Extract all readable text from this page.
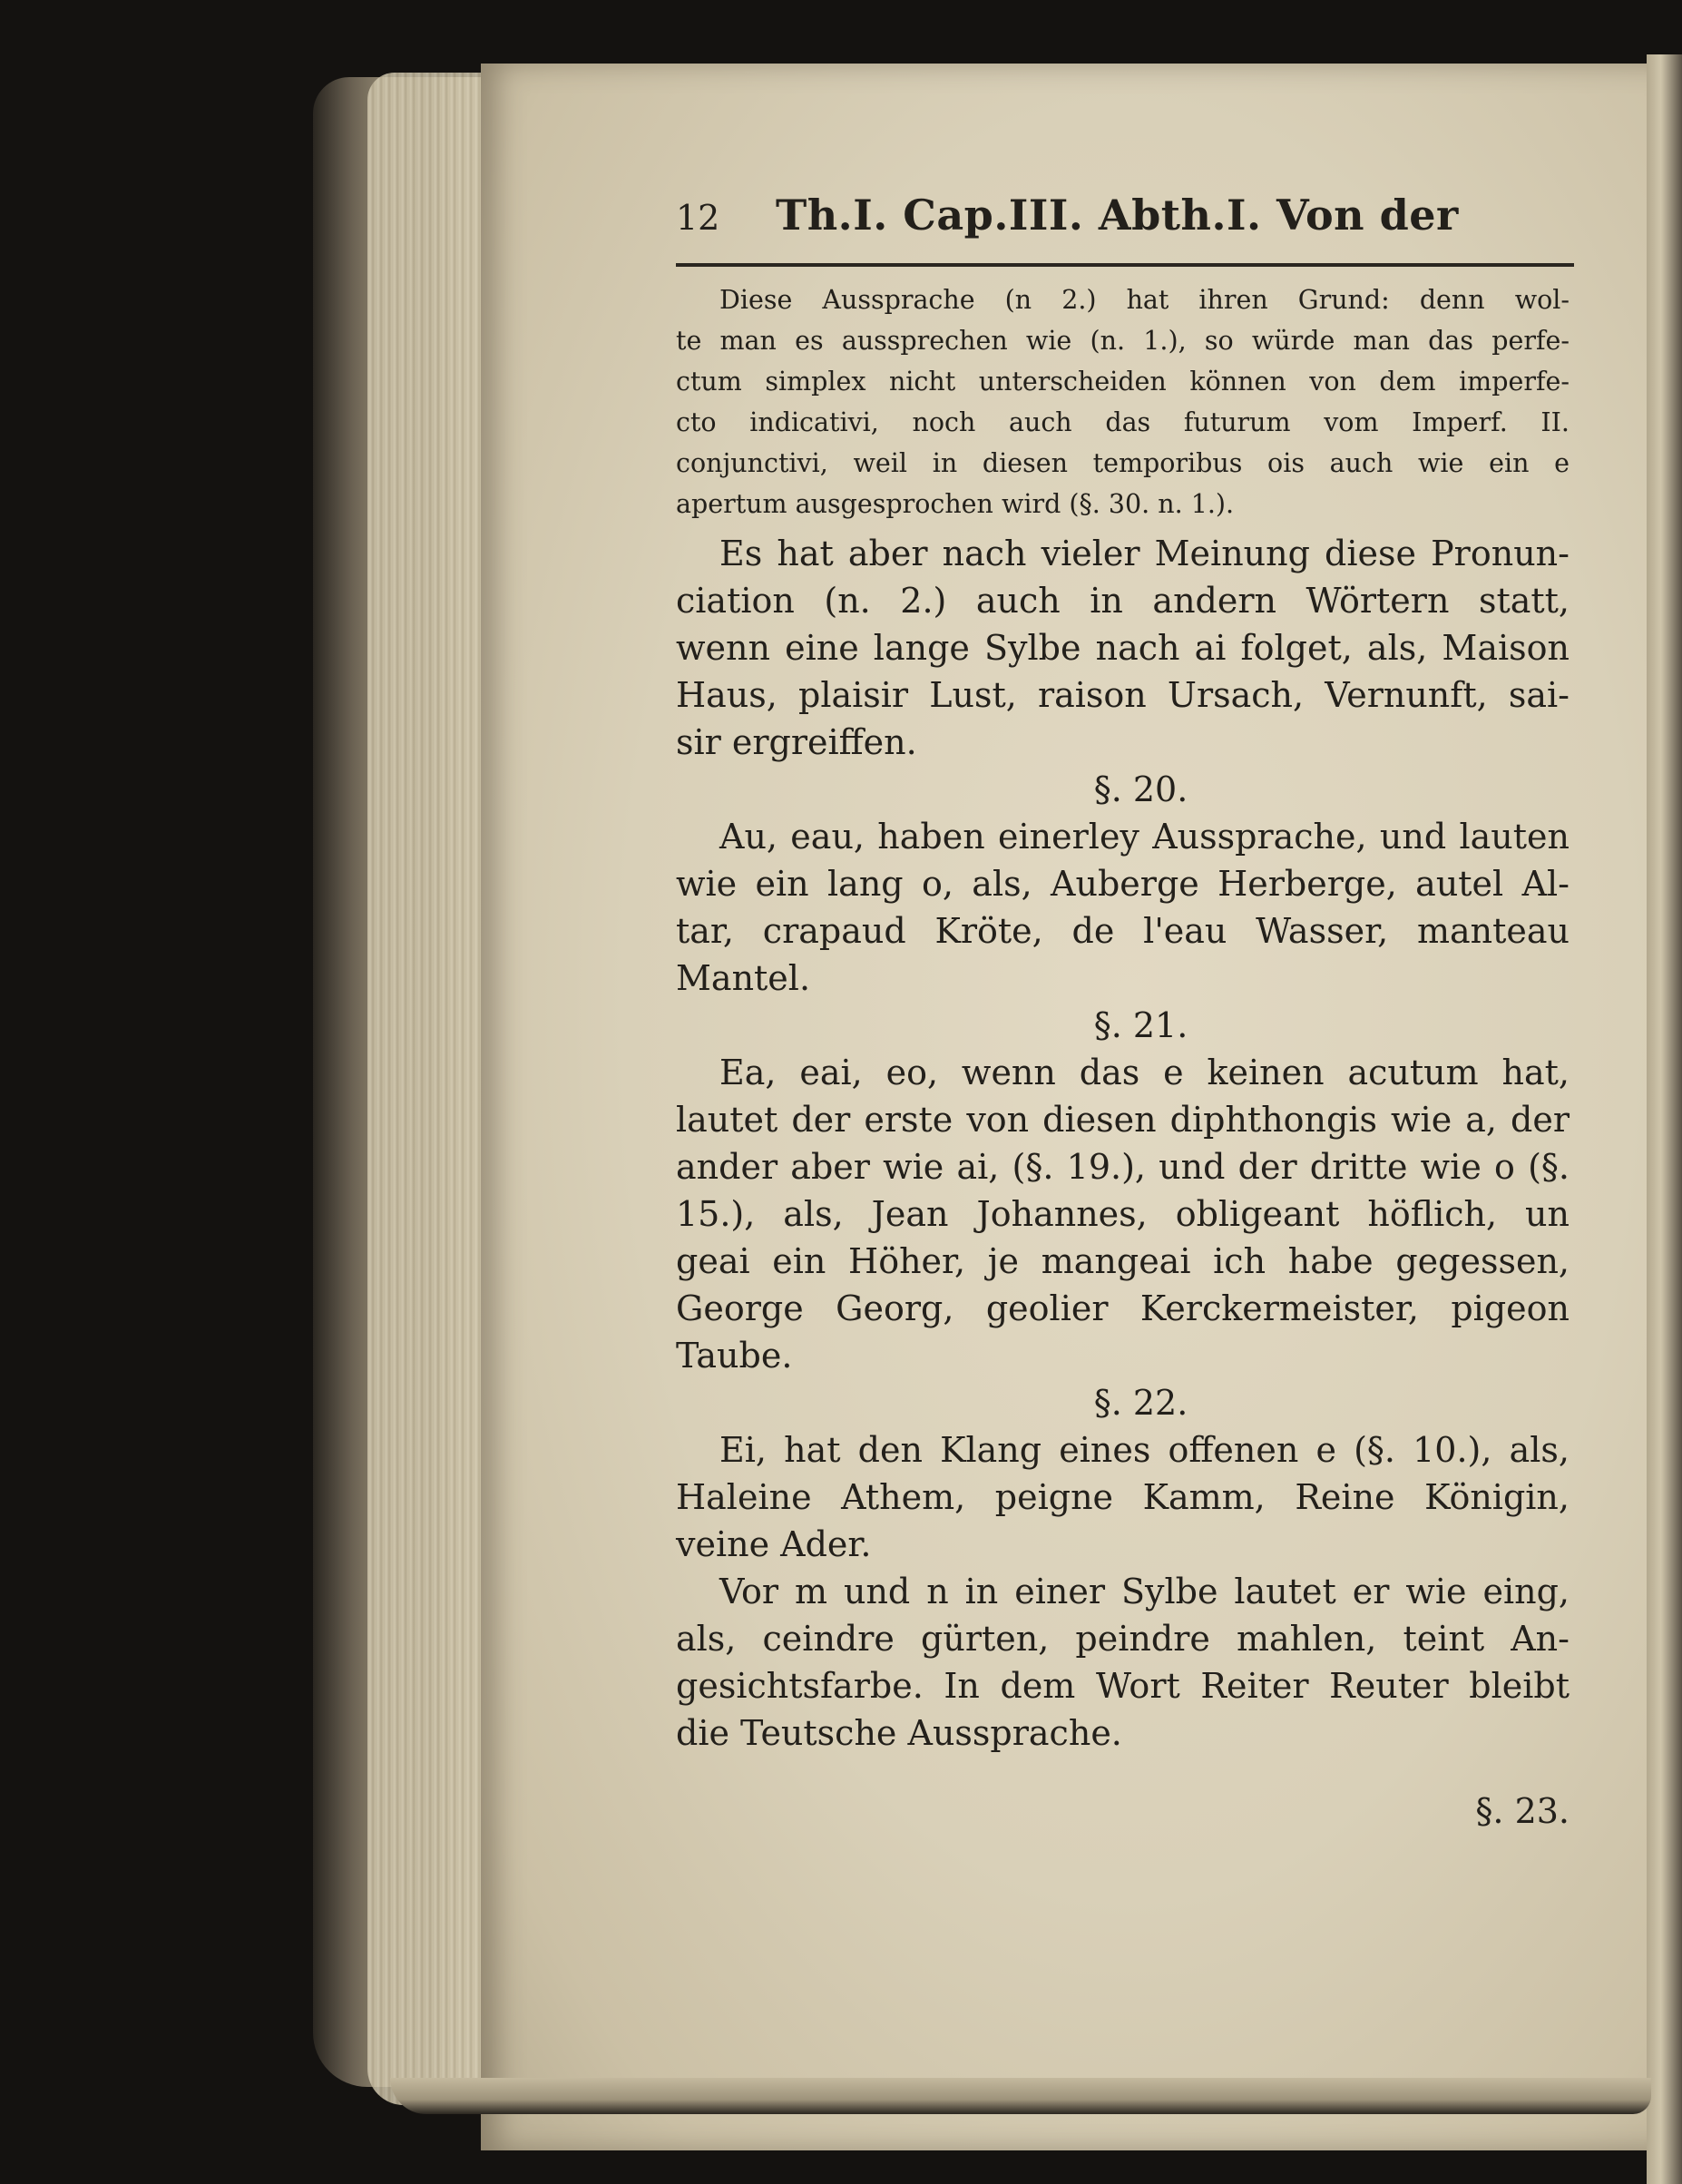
12	Th.I. Cap.III. Abth.I. Von der
Diese Aussprache (n 2.) hat ihren Grund: denn wol-
te man es aussprechen wie (n. 1.), so würde man das perfe-
ctum simplex nicht unterscheiden können von dem imperfe-
cto indicativi, noch auch das futurum vom Imperf. II.
conjunctivi, weil in diesen temporibus ois auch wie ein e
apertum ausgesprochen wird (§. 30. n. 1.).
Es hat aber nach vieler Meinung diese Pronun-
ciation (n. 2.) auch in andern Wörtern statt,
wenn eine lange Sylbe nach ai folget, als, Maison
Haus, plaisir Lust, raison Ursach, Vernunft, sai-
sir ergreiffen.
§. 20.
Au, eau, haben einerley Aussprache, und lauten
wie ein lang o, als, Auberge Herberge, autel Al-
tar, crapaud Kröte, de l'eau Wasser, manteau
Mantel.
§. 21.
Ea, eai, eo, wenn das e keinen acutum hat,
lautet der erste von diesen diphthongis wie a, der
ander aber wie ai, (§. 19.), und der dritte wie o (§.
15.), als, Jean Johannes, obligeant höflich, un
geai ein Höher, je mangeai ich habe gegessen,
George Georg, geolier Kerckermeister, pigeon
Taube.
§. 22.
Ei, hat den Klang eines offenen e (§. 10.), als,
Haleine Athem, peigne Kamm, Reine Königin,
veine Ader.
Vor m und n in einer Sylbe lautet er wie eing,
als, ceindre gürten, peindre mahlen, teint An-
gesichtsfarbe. In dem Wort Reiter Reuter bleibt
die Teutsche Aussprache.
§. 23.
